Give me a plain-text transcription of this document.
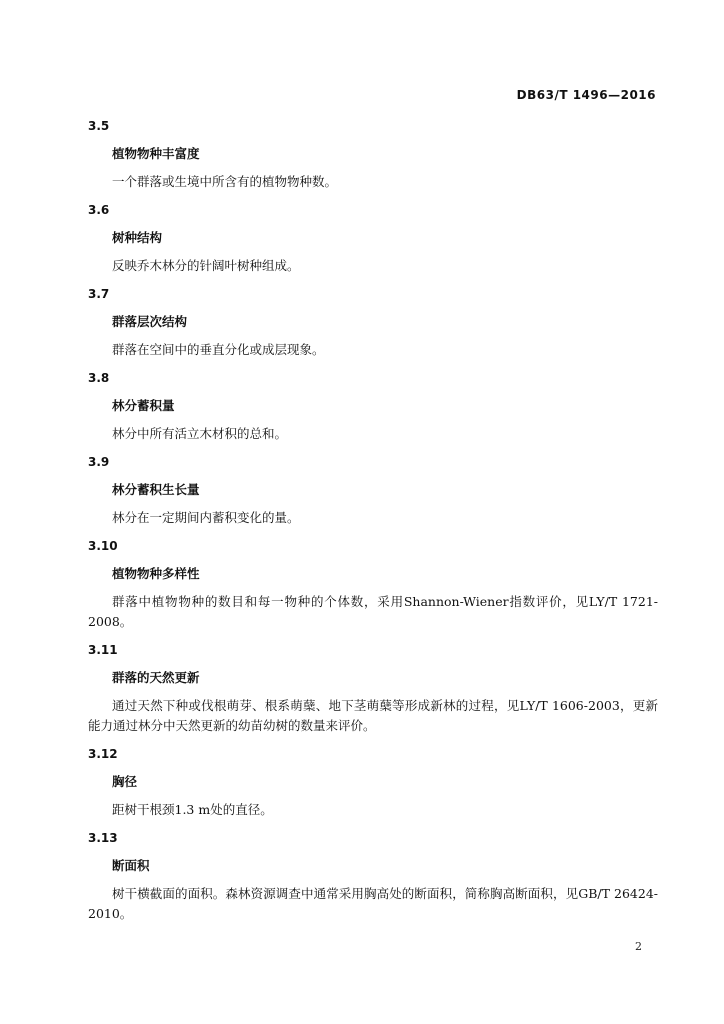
DB63/T 1496—2016
3.5
植物物种丰富度
一个群落或生境中所含有的植物物种数。
3.6
树种结构
反映乔木林分的针阔叶树种组成。
3.7
群落层次结构
群落在空间中的垂直分化或成层现象。
3.8
林分蓄积量
林分中所有活立木材积的总和。
3.9
林分蓄积生长量
林分在一定期间内蓄积变化的量。
3.10
植物物种多样性
群落中植物物种的数目和每一物种的个体数，采用Shannon-Wiener指数评价，见LY/T 1721-2008。
3.11
群落的天然更新
通过天然下种或伐根萌芽、根系萌蘖、地下茎萌蘖等形成新林的过程，见LY/T 1606-2003，更新能力通过林分中天然更新的幼苗幼树的数量来评价。
3.12
胸径
距树干根颈1.3 m处的直径。
3.13
断面积
树干横截面的面积。森林资源调查中通常采用胸高处的断面积，简称胸高断面积，见GB/T 26424-2010。
2
